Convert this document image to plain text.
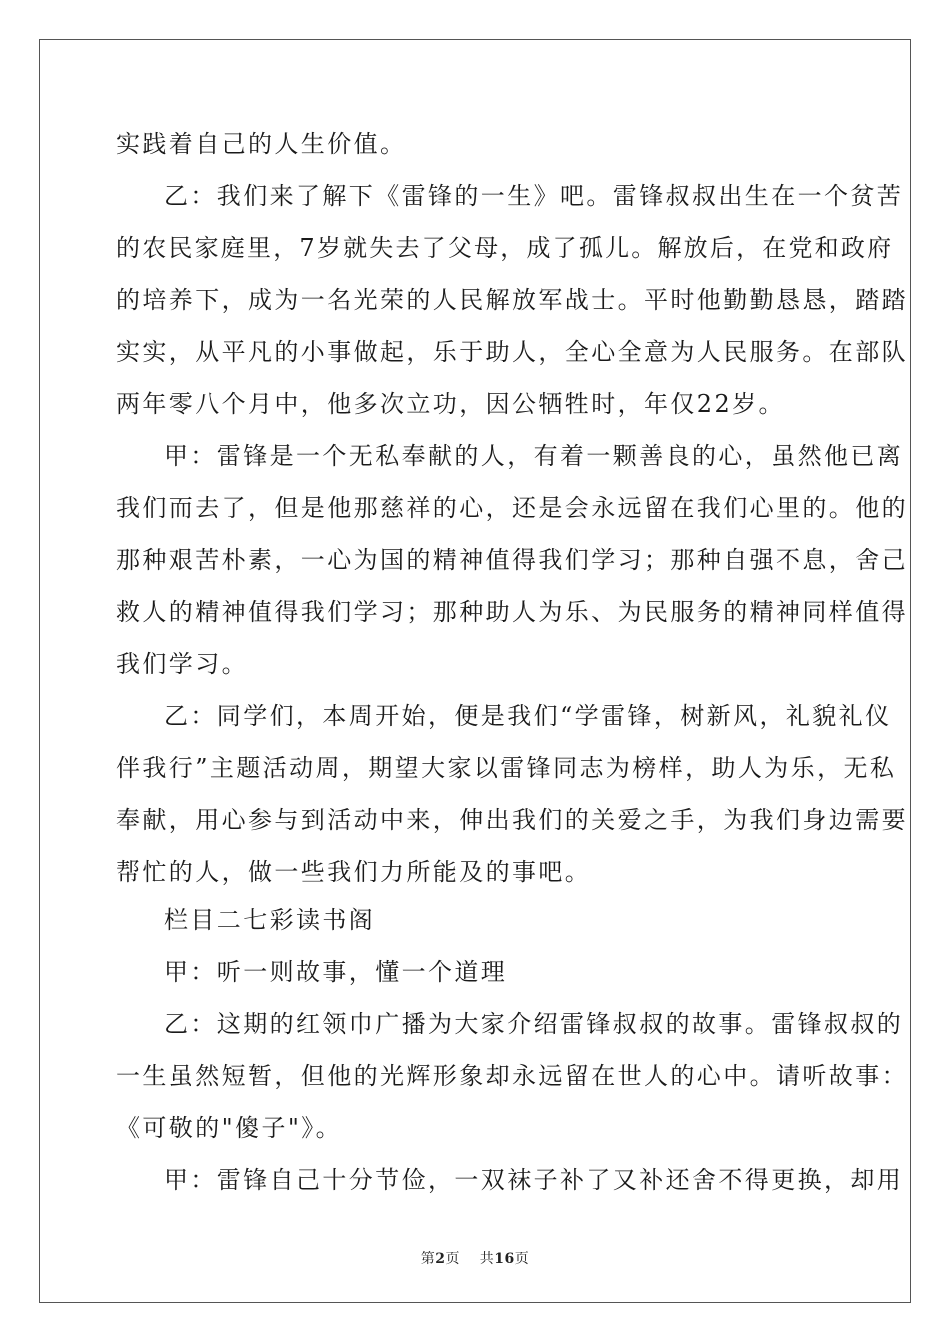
实践着自己的人生价值。
乙：我们来了解下《雷锋的一生》吧。雷锋叔叔出生在一个贫苦
的农民家庭里，7岁就失去了父母，成了孤儿。解放后，在党和政府
的培养下，成为一名光荣的人民解放军战士。平时他勤勤恳恳，踏踏
实实，从平凡的小事做起，乐于助人，全心全意为人民服务。在部队
两年零八个月中，他多次立功，因公牺牲时，年仅22岁。
甲：雷锋是一个无私奉献的人，有着一颗善良的心，虽然他已离
我们而去了，但是他那慈祥的心，还是会永远留在我们心里的。他的
那种艰苦朴素，一心为国的精神值得我们学习；那种自强不息，舍己
救人的精神值得我们学习；那种助人为乐、为民服务的精神同样值得
我们学习。
乙：同学们，本周开始，便是我们“学雷锋，树新风，礼貌礼仪
伴我行”主题活动周，期望大家以雷锋同志为榜样，助人为乐，无私
奉献，用心参与到活动中来，伸出我们的关爱之手，为我们身边需要
帮忙的人，做一些我们力所能及的事吧。
栏目二七彩读书阁
甲：听一则故事，懂一个道理
乙：这期的红领巾广播为大家介绍雷锋叔叔的故事。雷锋叔叔的
一生虽然短暂，但他的光辉形象却永远留在世人的心中。请听故事：
《可敬的"傻子"》。
甲：雷锋自己十分节俭，一双袜子补了又补还舍不得更换，却用
第2页 共16页
